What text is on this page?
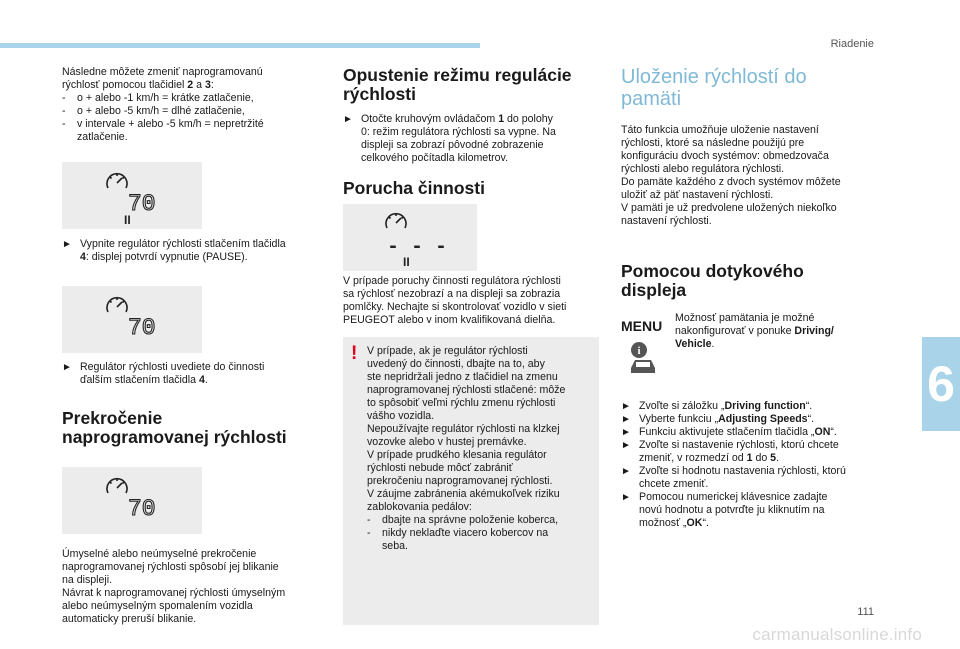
Riadenie
Následne môžete zmeniť naprogramovanú
rýchlosť pomocou tlačidiel 2 a 3:
-	o + alebo -1 km/h = krátke zatlačenie,
-	o + alebo -5 km/h = dlhé zatlačenie,
-	v intervale + alebo -5 km/h = nepretržité
zatlačenie.
70
II
► Vypnite regulátor rýchlosti stlačením tlačidla
4: displej potvrdí vypnutie (PAUSE).
70
► Regulátor rýchlosti uvediete do činnosti
ďalším stlačením tlačidla 4.
Prekročenie
naprogramovanej rýchlosti
70
Úmyselné alebo neúmyselné prekročenie
naprogramovanej rýchlosti spôsobí jej blikanie
na displeji.
Návrat k naprogramovanej rýchlosti úmyselným
alebo neúmyselným spomalením vozidla
automaticky preruší blikanie.
Opustenie režimu regulácie
rýchlosti
► Otočte kruhovým ovládačom 1 do polohy
0: režim regulátora rýchlosti sa vypne. Na
displeji sa zobrazí pôvodné zobrazenie
celkového počítadla kilometrov.
Porucha činnosti
- - -
II
V prípade poruchy činnosti regulátora rýchlosti
sa rýchlosť nezobrazí a na displeji sa zobrazia
pomlčky. Nechajte si skontrolovať vozidlo v sieti
PEUGEOT alebo v inom kvalifikovaná dielňa.
! V prípade, ak je regulátor rýchlosti
uvedený do činnosti, dbajte na to, aby
ste nepridržali jedno z tlačidiel na zmenu
naprogramovanej rýchlosti stlačené: môže
to spôsobiť veľmi rýchlu zmenu rýchlosti
vášho vozidla.
Nepoužívajte regulátor rýchlosti na klzkej
vozovke alebo v hustej premávke.
V prípade prudkého klesania regulátor
rýchlosti nebude môcť zabrániť
prekročeniu naprogramovanej rýchlosti.
V záujme zabránenia akémukoľvek riziku
zablokovania pedálov:
-	dbajte na správne položenie koberca,
-	nikdy neklaďte viacero kobercov na
seba.
Uloženie rýchlostí do
pamäti
Táto funkcia umožňuje uloženie nastavení
rýchlosti, ktoré sa následne použijú pre
konfiguráciu dvoch systémov: obmedzovača
rýchlosti alebo regulátora rýchlosti.
Do pamäte každého z dvoch systémov môžete
uložiť až päť nastavení rýchlosti.
V pamäti je už predvolene uložených niekoľko
nastavení rýchlosti.
Pomocou dotykového
displeja
MENU
i
Možnosť pamätania je možné
nakonfigurovať v ponuke Driving/
Vehicle.
► Zvoľte si záložku „Driving function“.
► Vyberte funkciu „Adjusting Speeds“.
► Funkciu aktivujete stlačením tlačidla „ON“.
► Zvoľte si nastavenie rýchlosti, ktorú chcete
zmeniť, v rozmedzí od 1 do 5.
► Zvoľte si hodnotu nastavenia rýchlosti, ktorú
chcete zmeniť.
► Pomocou numerickej klávesnice zadajte
novú hodnotu a potvrďte ju kliknutím na
možnosť „OK“.
6
111
carmanualsonline.info
